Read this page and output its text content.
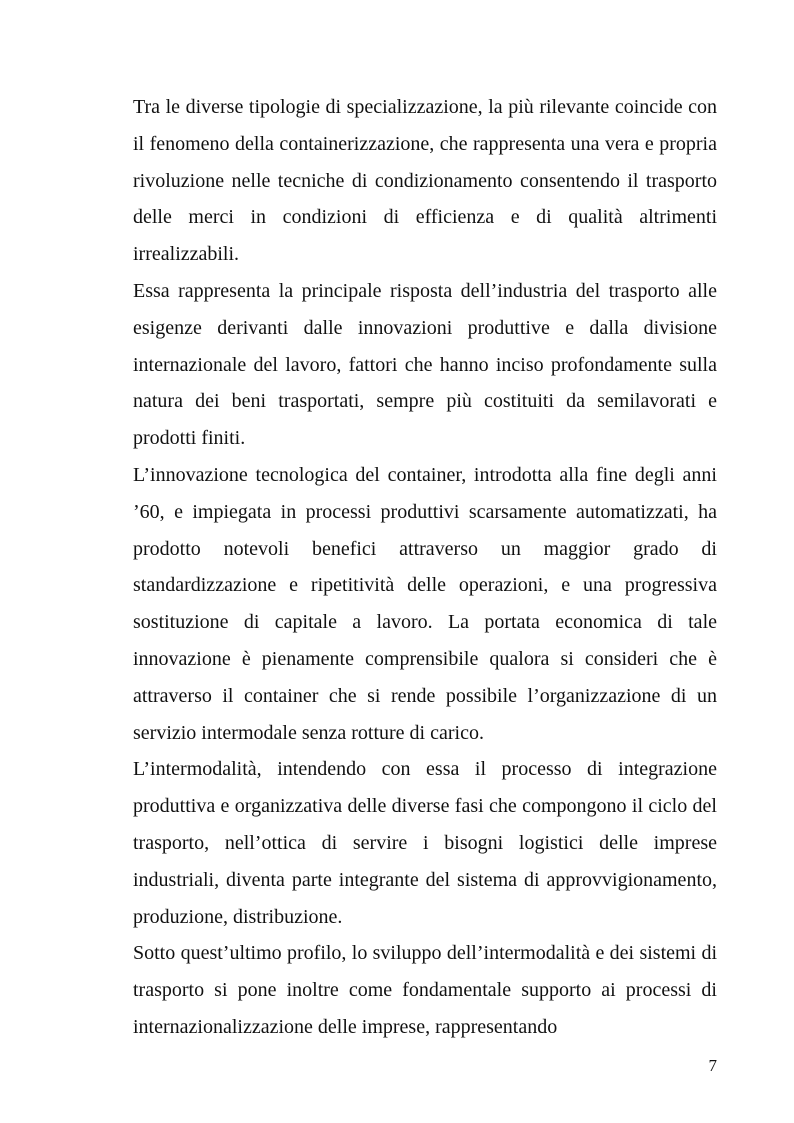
Tra le diverse tipologie di specializzazione, la più rilevante coincide con il fenomeno della containerizzazione, che rappresenta una vera e propria rivoluzione nelle tecniche di condizionamento consentendo il trasporto delle merci in condizioni di efficienza e di qualità altrimenti irrealizzabili.

Essa rappresenta la principale risposta dell’industria del trasporto alle esigenze derivanti dalle innovazioni produttive e dalla divisione internazionale del lavoro, fattori che hanno inciso profondamente sulla natura dei beni trasportati, sempre più costituiti da semilavorati e prodotti finiti.

L’innovazione tecnologica del container, introdotta alla fine degli anni ’60, e impiegata in processi produttivi scarsamente automatizzati, ha prodotto notevoli benefici attraverso un maggior grado di standardizzazione e ripetitività delle operazioni, e una progressiva sostituzione di capitale a lavoro. La portata economica di tale innovazione è pienamente comprensibile qualora si consideri che è attraverso il container che si rende possibile l’organizzazione di un servizio intermodale senza rotture di carico.

L’intermodalità, intendendo con essa il processo di integrazione produttiva e organizzativa delle diverse fasi che compongono il ciclo del trasporto, nell’ottica di servire i bisogni logistici delle imprese industriali, diventa parte integrante del sistema di approvvigionamento, produzione, distribuzione.

Sotto quest’ultimo profilo, lo sviluppo dell’intermodalità e dei sistemi di trasporto si pone inoltre come fondamentale supporto ai processi di internazionalizzazione delle imprese, rappresentando

7
